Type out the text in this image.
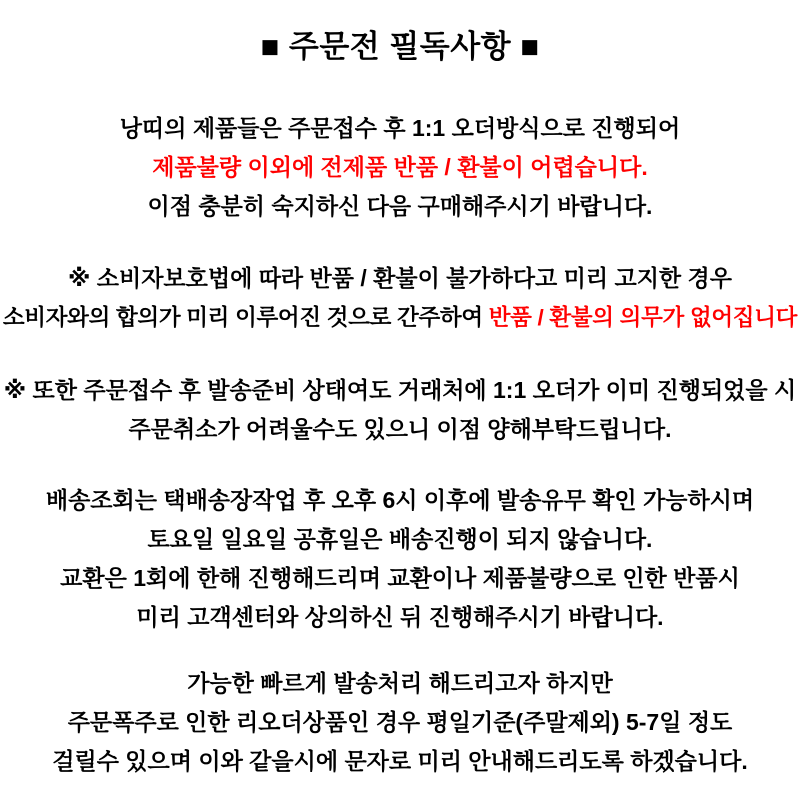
■ 주문전 필독사항 ■

낭띠의 제품들은 주문접수 후 1:1 오더방식으로 진행되어

제품불량 이외에 전제품 반품 / 환불이 어렵습니다.

이점 충분히 숙지하신 다음 구매해주시기 바랍니다.

※ 소비자보호법에 따라 반품 / 환불이 불가하다고 미리 고지한 경우

소비자와의 합의가 미리 이루어진 것으로 간주하여 반품 / 환불의 의무가 없어집니다

※ 또한 주문접수 후 발송준비 상태여도 거래처에 1:1 오더가 이미 진행되었을 시

주문취소가 어려울수도 있으니 이점 양해부탁드립니다.

배송조회는 택배송장작업 후 오후 6시 이후에 발송유무 확인 가능하시며

토요일 일요일 공휴일은 배송진행이 되지 않습니다.

교환은 1회에 한해 진행해드리며 교환이나 제품불량으로 인한 반품시

미리 고객센터와 상의하신 뒤 진행해주시기 바랍니다.

가능한 빠르게 발송처리 해드리고자 하지만

주문폭주로 인한 리오더상품인 경우 평일기준(주말제외) 5-7일 정도

걸릴수 있으며 이와 같을시에 문자로 미리 안내해드리도록 하겠습니다.
